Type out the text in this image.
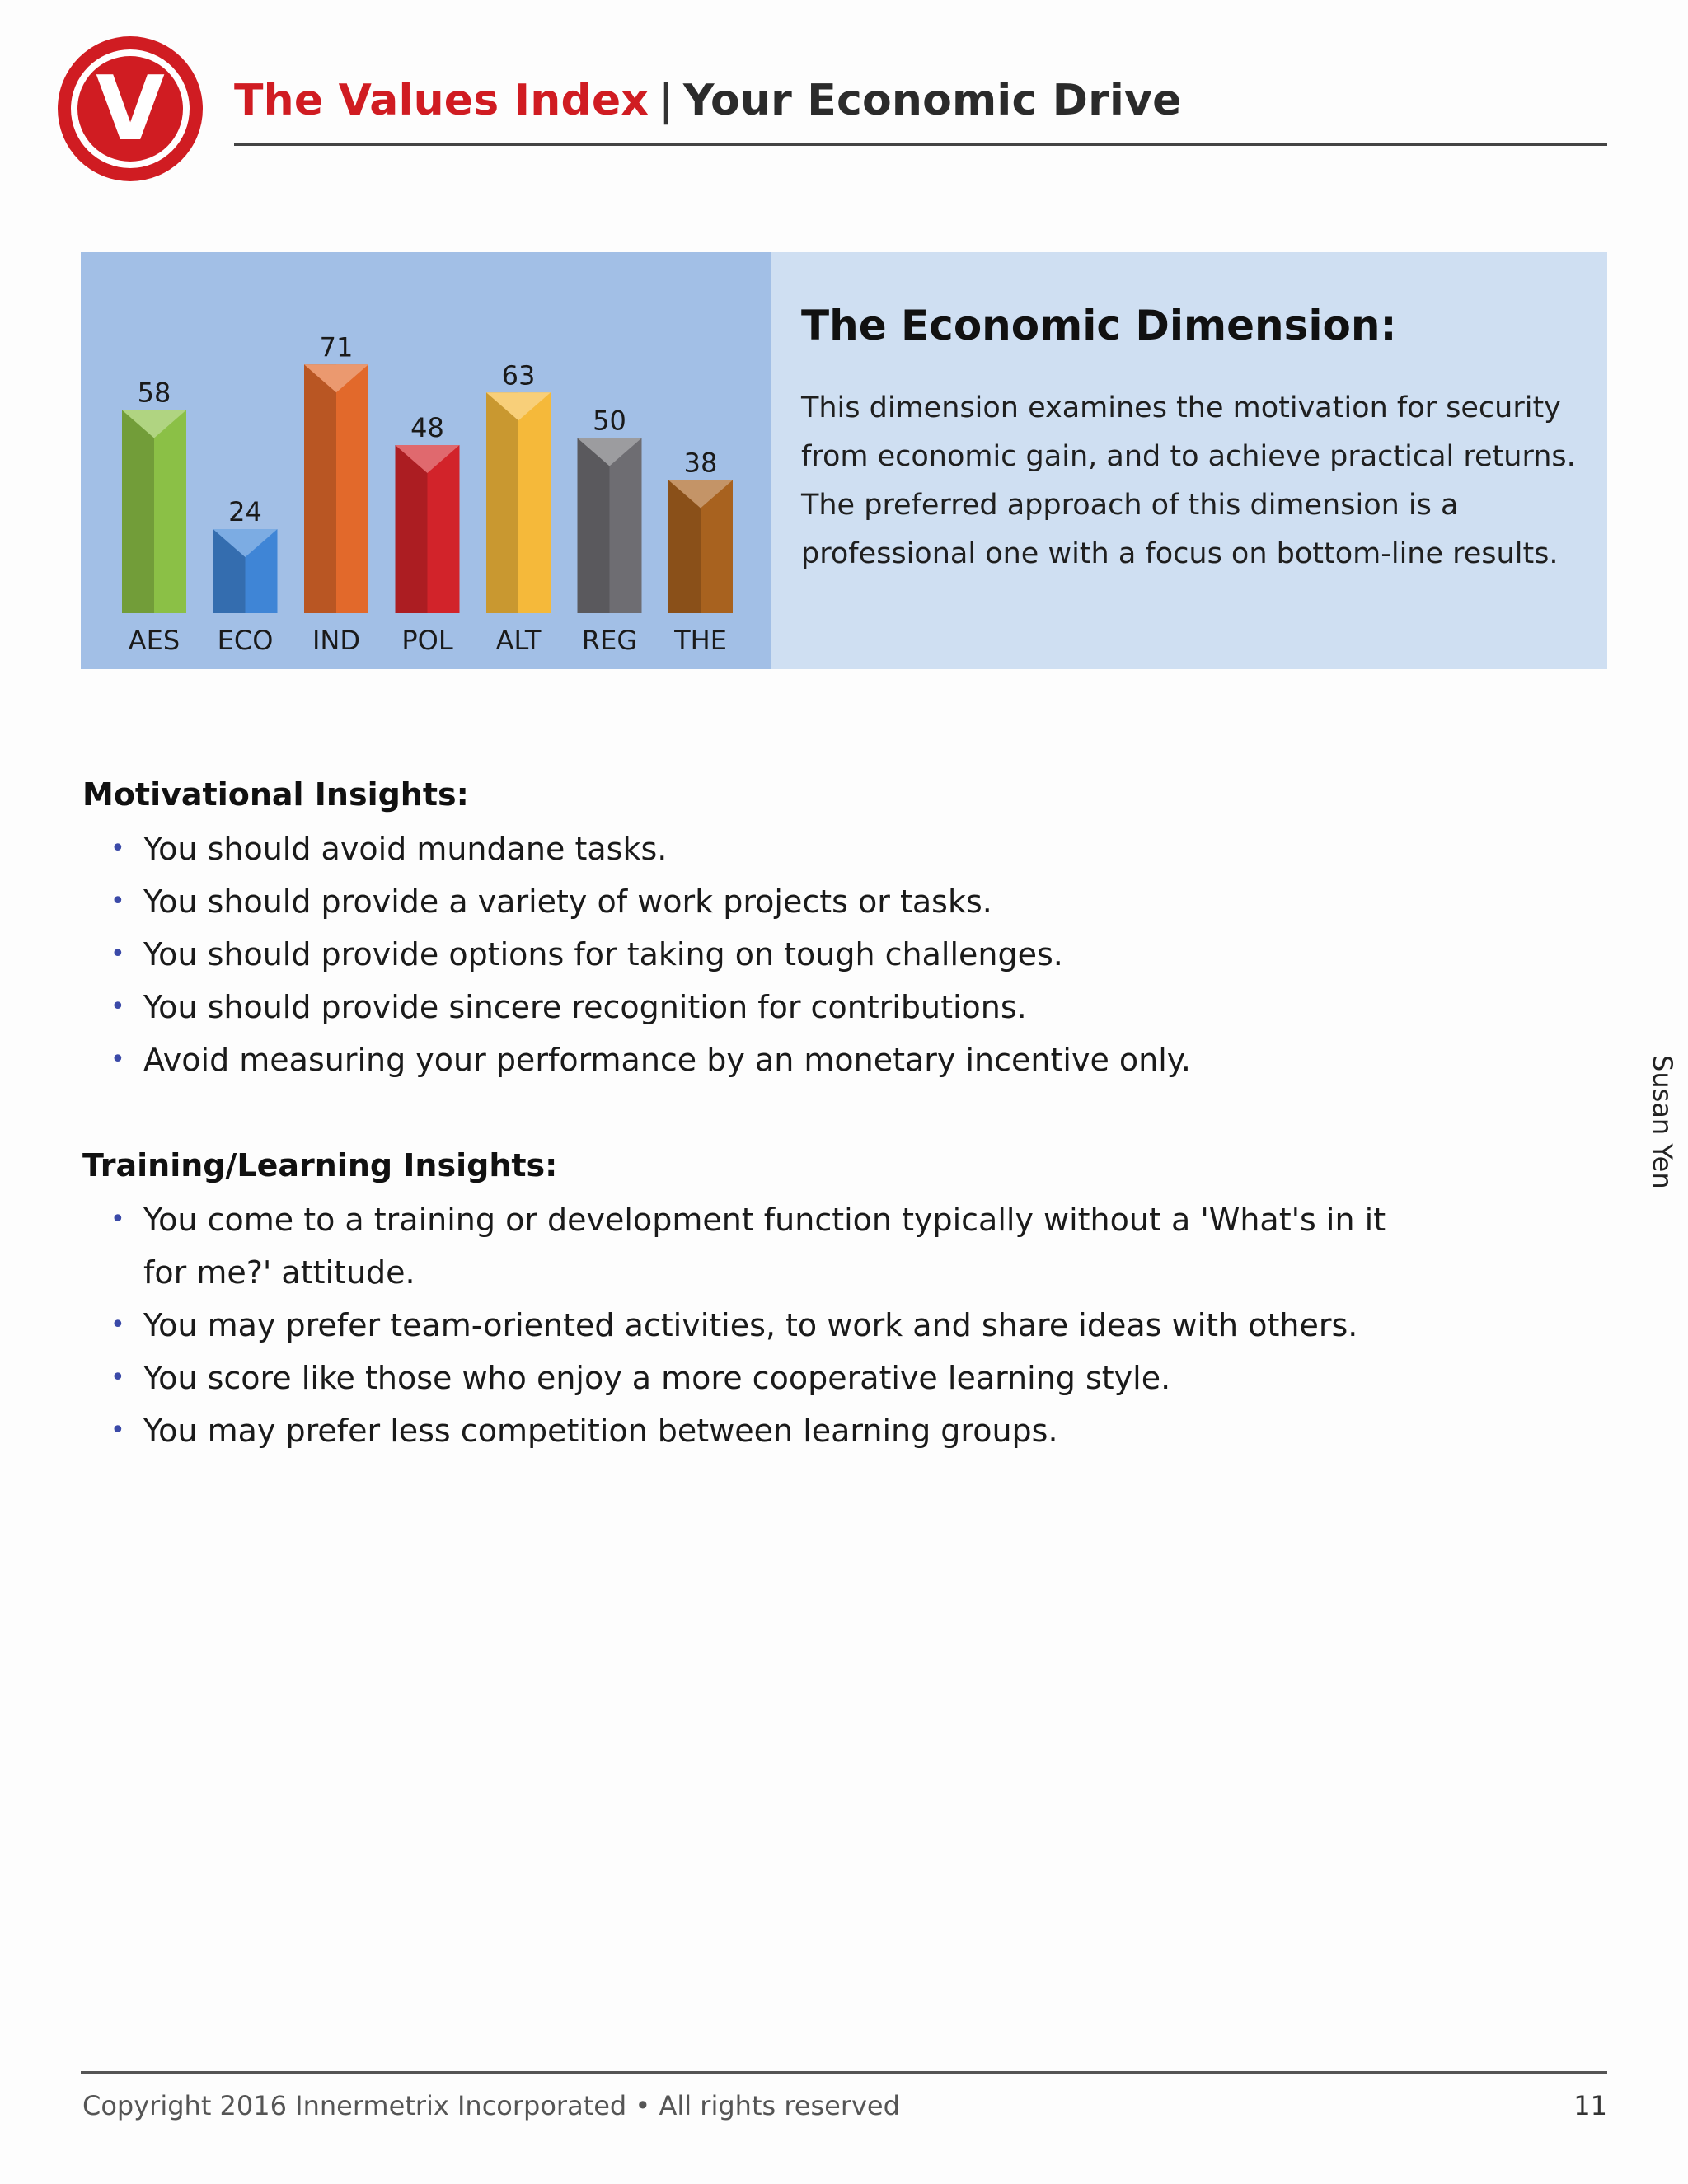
V The Values Index | Your Economic Drive
58
AES
24
ECO
71
IND
48
POL
63
ALT
50
REG
38
THE
The Economic Dimension:
This dimension examines the motivation for security from economic gain, and to achieve practical returns. The preferred approach of this dimension is a professional one with a focus on bottom-line results.
Motivational Insights:
• You should avoid mundane tasks.
• You should provide a variety of work projects or tasks.
• You should provide options for taking on tough challenges.
• You should provide sincere recognition for contributions.
• Avoid measuring your performance by an monetary incentive only.
Training/Learning Insights:
• You come to a training or development function typically without a 'What's in it for me?' attitude.
• You may prefer team-oriented activities, to work and share ideas with others.
• You score like those who enjoy a more cooperative learning style.
• You may prefer less competition between learning groups.
Susan Yen
Copyright 2016 Innermetrix Incorporated • All rights reserved	11
